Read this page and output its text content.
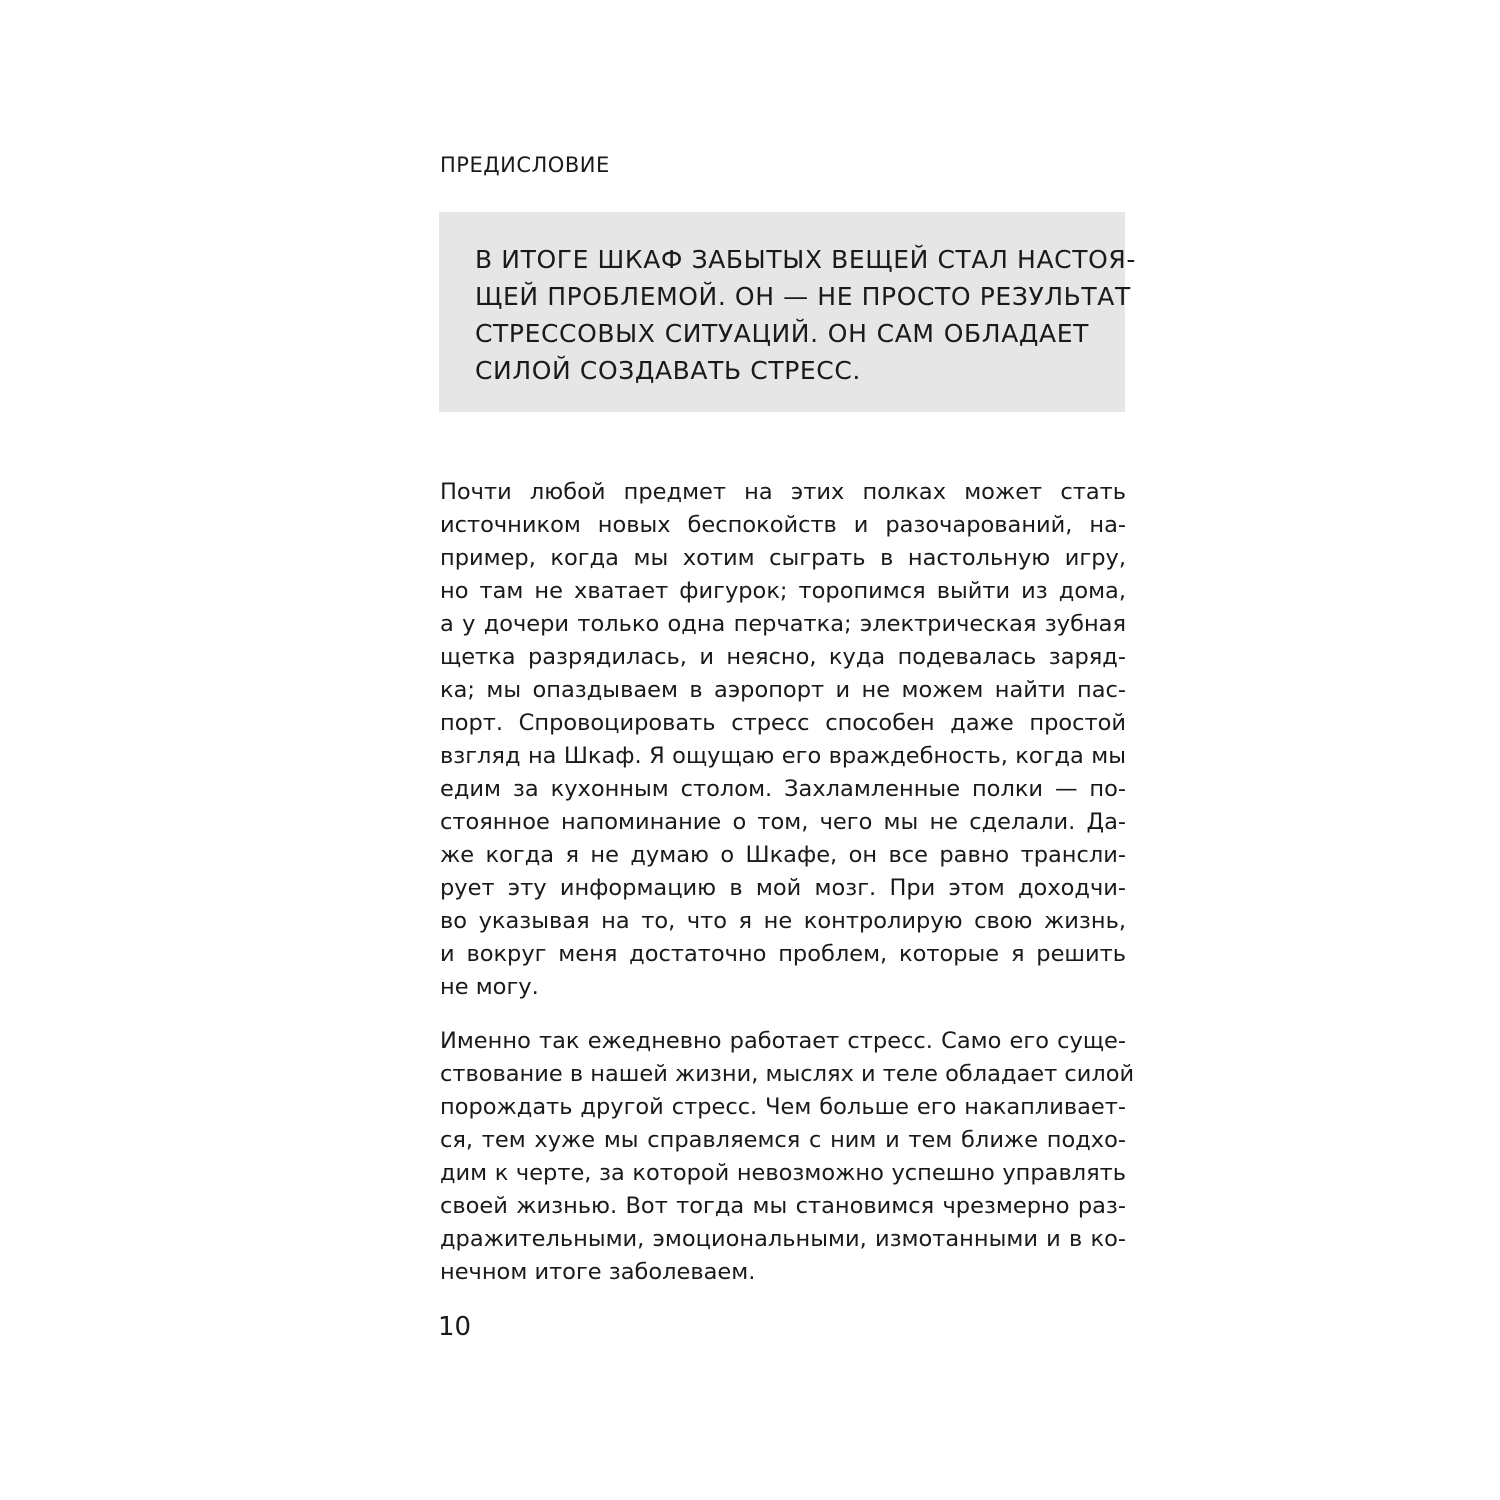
ПРЕДИСЛОВИЕ
В ИТОГЕ ШКАФ ЗАБЫТЫХ ВЕЩЕЙ СТАЛ НАСТОЯ-
ЩЕЙ ПРОБЛЕМОЙ. ОН — НЕ ПРОСТО РЕЗУЛЬТАТ
СТРЕССОВЫХ СИТУАЦИЙ. ОН САМ ОБЛАДАЕТ
СИЛОЙ СОЗДАВАТЬ СТРЕСС.
Почти любой предмет на этих полках может стать
источником новых беспокойств и разочарований, на-
пример, когда мы хотим сыграть в настольную игру,
но там не хватает фигурок; торопимся выйти из дома,
а у дочери только одна перчатка; электрическая зубная
щетка разрядилась, и неясно, куда подевалась заряд-
ка; мы опаздываем в аэропорт и не можем найти пас-
порт. Спровоцировать стресс способен даже простой
взгляд на Шкаф. Я ощущаю его враждебность, когда мы
едим за кухонным столом. Захламленные полки — по-
стоянное напоминание о том, чего мы не сделали. Да-
же когда я не думаю о Шкафе, он все равно трансли-
рует эту информацию в мой мозг. При этом доходчи-
во указывая на то, что я не контролирую свою жизнь,
и вокруг меня достаточно проблем, которые я решить
не могу.
Именно так ежедневно работает стресс. Само его суще-
ствование в нашей жизни, мыслях и теле обладает силой
порождать другой стресс. Чем больше его накапливает-
ся, тем хуже мы справляемся с ним и тем ближе подхо-
дим к черте, за которой невозможно успешно управлять
своей жизнью. Вот тогда мы становимся чрезмерно раз-
дражительными, эмоциональными, измотанными и в ко-
нечном итоге заболеваем.
10
